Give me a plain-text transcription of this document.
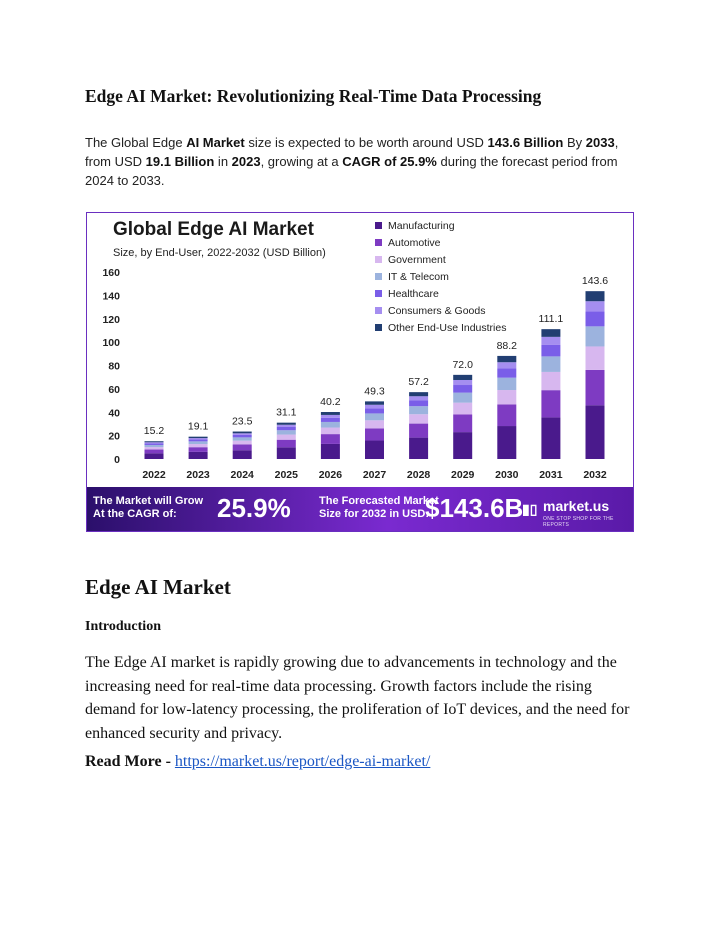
Edge AI Market: Revolutionizing Real-Time Data Processing

The Global Edge AI Market size is expected to be worth around USD 143.6 Billion By 2033, from USD 19.1 Billion in 2023, growing at a CAGR of 25.9% during the forecast period from 2024 to 2033.

0
20
40
60
80
100
120
140
160
15.2
2022
19.1
2023
23.5
2024
31.1
2025
40.2
2026
49.3
2027
57.2
2028
72.0
2029
88.2
2030
111.1
2031
143.6
2032
Global Edge AI Market
Size, by End-User, 2022-2032 (USD Billion)
Manufacturing
Automotive
Government
IT & Telecom
Healthcare
Consumers & Goods
Other End-Use Industries
The Market will Grow At the CAGR of:	25.9%	The Forecasted Market Size for 2032 in USD:
$143.6B
▮▯ market.us
ONE STOP SHOP FOR THE REPORTS
Edge AI Market
Introduction

The Edge AI market is rapidly growing due to advancements in technology and the increasing need for real-time data processing. Growth factors include the rising demand for low-latency processing, the proliferation of IoT devices, and the need for enhanced security and privacy.

Read More - https://market.us/report/edge-ai-market/
